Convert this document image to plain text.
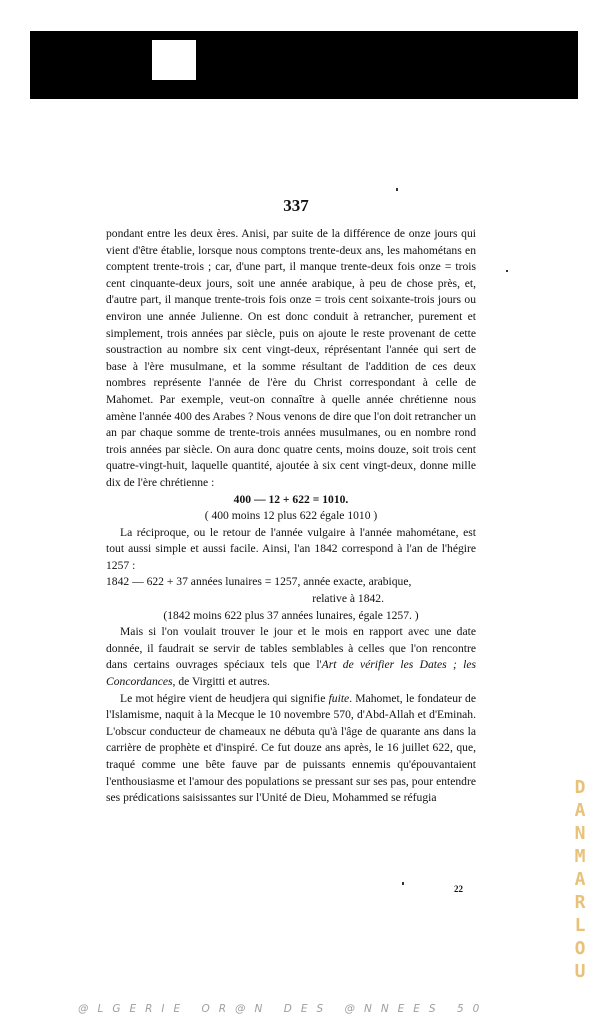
337

pondant entre les deux ères. Anisi, par suite de la différence de onze jours qui vient d'être établie, lorsque nous comptons trente-deux ans, les mahométans en comptent trente-trois ; car, d'une part, il manque trente-deux fois onze = trois cent cinquante-deux jours, soit une année arabique, à peu de chose près, et, d'autre part, il manque trente-trois fois onze = trois cent soixante-trois jours ou environ une année Julienne. On est donc conduit à retrancher, purement et simplement, trois années par siècle, puis on ajoute le reste provenant de cette soustraction au nombre six cent vingt-deux, réprésentant l'année qui sert de base à l'ère musulmane, et la somme résultant de l'addition de ces deux nombres représente l'année de l'ère du Christ correspondant à celle de Mahomet. Par exemple, veut-on connaître à quelle année chrétienne nous amène l'année 400 des Arabes ? Nous venons de dire que l'on doit retrancher un an par chaque somme de trente-trois années musulmanes, ou en nombre rond trois années par siècle. On aura donc quatre cents, moins douze, soit trois cent quatre-vingt-huit, laquelle quantité, ajoutée à six cent vingt-deux, donne mille dix de l'ère chrétienne :

400 — 12 + 622 = 1010.

( 400 moins 12 plus 622 égale 1010 )

La réciproque, ou le retour de l'année vulgaire à l'année mahométane, est tout aussi simple et aussi facile. Ainsi, l'an 1842 correspond à l'an de l'hégire 1257 :

1842 — 622 + 37 années lunaires = 1257, année exacte, arabique,

relative à 1842.

(1842 moins 622 plus 37 années lunaires, égale 1257. )

Mais si l'on voulait trouver le jour et le mois en rapport avec une date donnée, il faudrait se servir de tables semblables à celles que l'on rencontre dans certains ouvrages spéciaux tels que l'Art de vérifier les Dates ; les Concordances, de Virgitti et autres.

Le mot hégire vient de heudjera qui signifie fuite. Mahomet, le fondateur de l'Islamisme, naquit à la Mecque le 10 novembre 570, d'Abd-Allah et d'Eminah. L'obscur conducteur de chameaux ne débuta qu'à l'âge de quarante ans dans la carrière de prophète et d'inspiré. Ce fut douze ans après, le 16 juillet 622, que, traqué comme une bête fauve par de puissants ennemis qu'épouvantaient l'enthousiasme et l'amour des populations se pressant sur ses pas, pour entendre ses prédications saisissantes sur l'Unité de Dieu, Mohammed se réfugia

22
D
A
N
M
A
R
L
O
U
@LGERIE OR@N DES @NNEES 50
